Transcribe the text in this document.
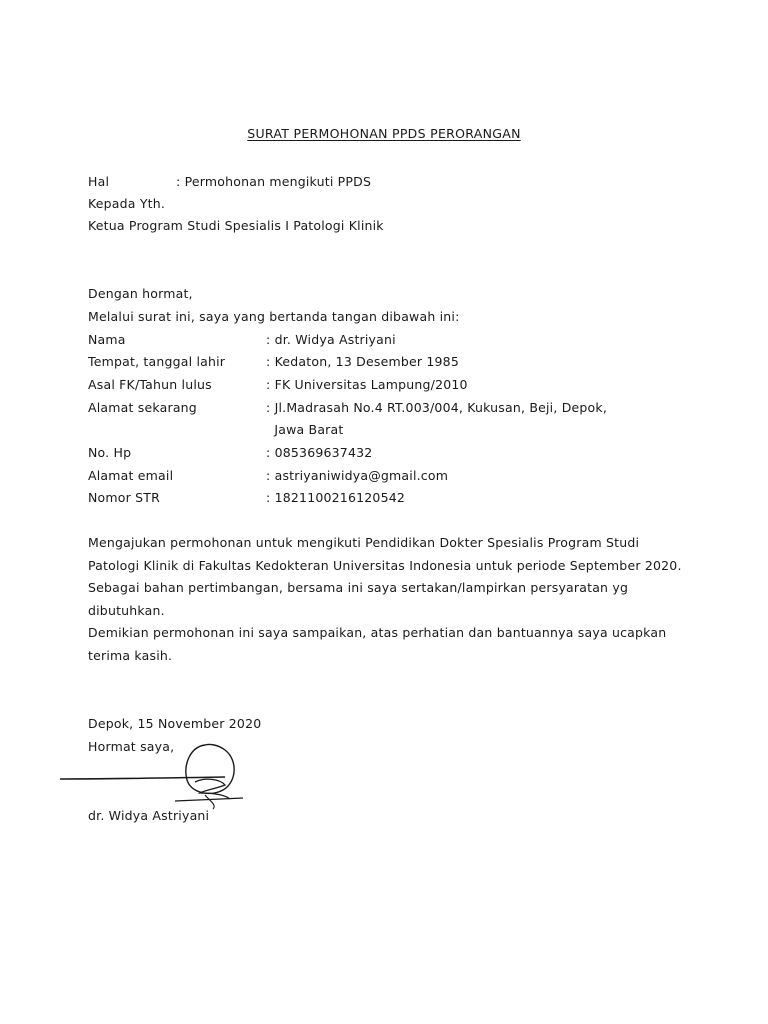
SURAT PERMOHONAN PPDS PERORANGAN
Hal	: Permohonan mengikuti PPDS
Kepada Yth.
Ketua Program Studi Spesialis I Patologi Klinik
Dengan hormat,
Melalui surat ini, saya yang bertanda tangan dibawah ini:
Nama	: dr. Widya Astriyani
Tempat, tanggal lahir	: Kedaton, 13 Desember 1985
Asal FK/Tahun lulus	: FK Universitas Lampung/2010
Alamat sekarang	: Jl.Madrasah No.4 RT.003/004, Kukusan, Beji, Depok,
Jawa Barat
No. Hp	: 085369637432
Alamat email	: astriyaniwidya@gmail.com
Nomor STR	: 1821100216120542
Mengajukan permohonan untuk mengikuti Pendidikan Dokter Spesialis Program Studi Patologi Klinik di Fakultas Kedokteran Universitas Indonesia untuk periode September 2020. Sebagai bahan pertimbangan, bersama ini saya sertakan/lampirkan persyaratan yg dibutuhkan.
Demikian permohonan ini saya sampaikan, atas perhatian dan bantuannya saya ucapkan terima kasih.
Depok, 15 November 2020
Hormat saya,
dr. Widya Astriyani
